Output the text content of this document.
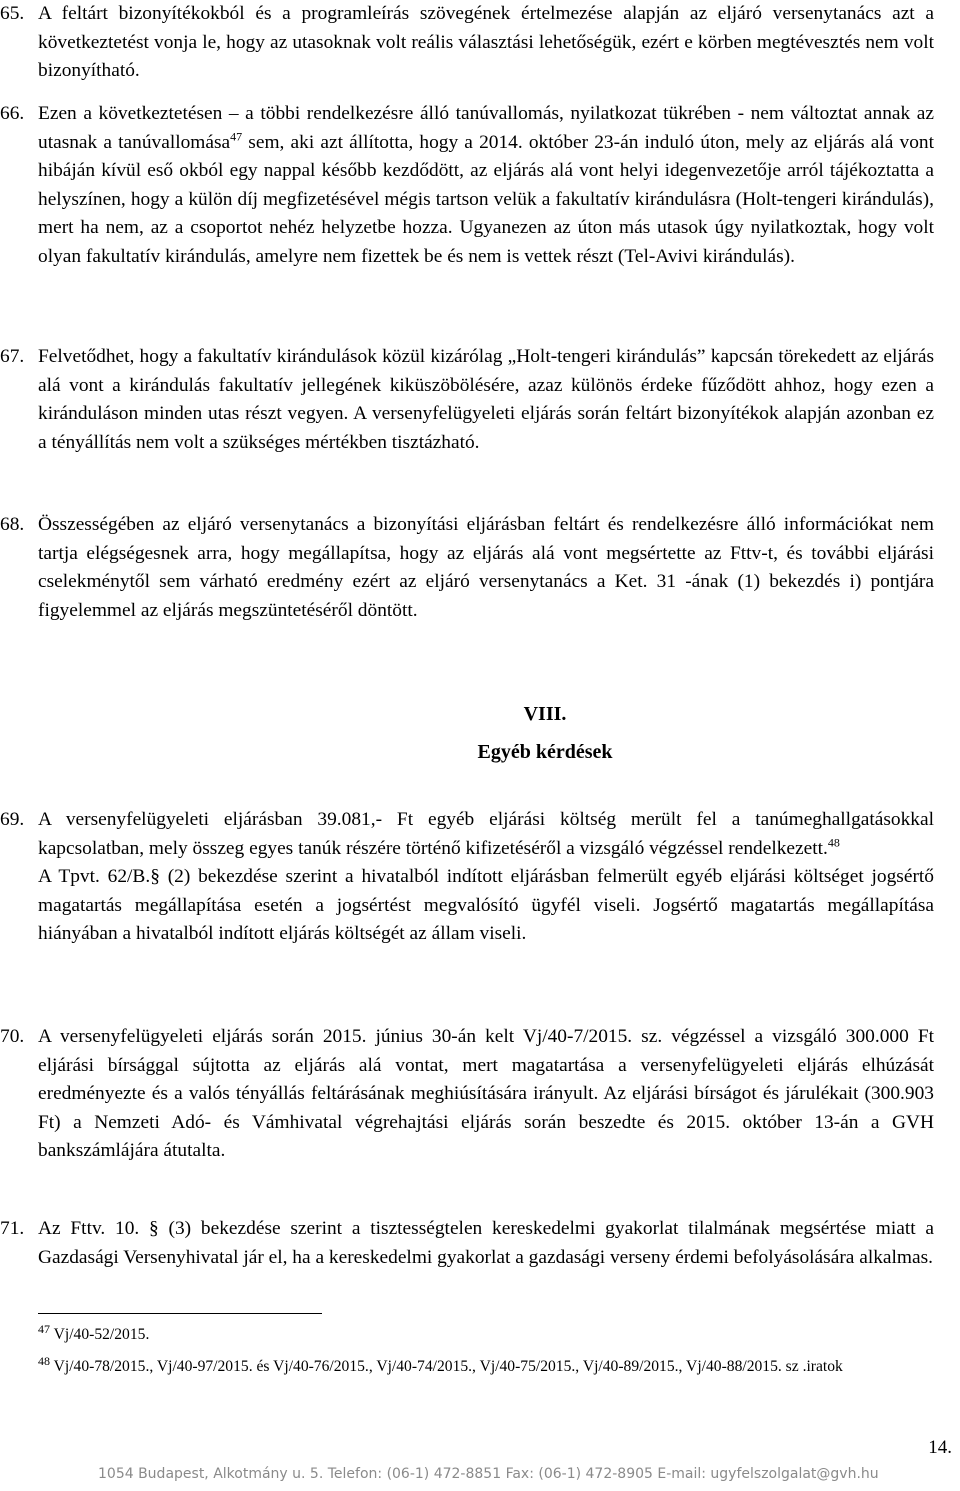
65. A feltárt bizonyítékokból és a programleírás szövegének értelmezése alapján az eljáró versenytanács azt a következtetést vonja le, hogy az utasoknak volt reális választási lehetőségük, ezért e körben megtévesztés nem volt bizonyítható.
66. Ezen a következtetésen – a többi rendelkezésre álló tanúvallomás, nyilatkozat tükrében - nem változtat annak az utasnak a tanúvallomása$^{47}$ sem, aki azt állította, hogy a 2014. október 23-án induló úton, mely az eljárás alá vont hibáján kívül eső okból egy nappal később kezdődött, az eljárás alá vont helyi idegenvezetője arról tájékoztatta a helyszínen, hogy a külön díj megfizetésével mégis tartson velük a fakultatív kirándulásra (Holt-tengeri kirándulás), mert ha nem, az a csoportot nehéz helyzetbe hozza. Ugyanezen az úton más utasok úgy nyilatkoztak, hogy volt olyan fakultatív kirándulás, amelyre nem fizettek be és nem is vettek részt (Tel-Avivi kirándulás).
67. Felvetődhet, hogy a fakultatív kirándulások közül kizárólag „Holt-tengeri kirándulás” kapcsán törekedett az eljárás alá vont a kirándulás fakultatív jellegének kiküszöbölésére, azaz különös érdeke fűződött ahhoz, hogy ezen a kiránduláson minden utas részt vegyen. A versenyfelügyeleti eljárás során feltárt bizonyítékok alapján azonban ez a tényállítás nem volt a szükséges mértékben tisztázható.
68. Összességében az eljáró versenytanács a bizonyítási eljárásban feltárt és rendelkezésre álló információkat nem tartja elégségesnek arra, hogy megállapítsa, hogy az eljárás alá vont megsértette az Fttv-t, és további eljárási cselekménytől sem várható eredmény ezért az eljáró versenytanács a Ket. 31 -ának (1) bekezdés i) pontjára figyelemmel az eljárás megszüntetéséről döntött.
VIII.
Egyéb kérdések
69. A versenyfelügyeleti eljárásban 39.081,- Ft egyéb eljárási költség merült fel a tanúmeghallgatásokkal kapcsolatban, mely összeg egyes tanúk részére történő kifizetéséről a vizsgáló végzéssel rendelkezett.$^{48}$
A Tpvt. 62/B.§ (2) bekezdése szerint a hivatalból indított eljárásban felmerült egyéb eljárási költséget jogsértő magatartás megállapítása esetén a jogsértést megvalósító ügyfél viseli. Jogsértő magatartás megállapítása hiányában a hivatalból indított eljárás költségét az állam viseli.
70. A versenyfelügyeleti eljárás során 2015. június 30-án kelt Vj/40-7/2015. sz. végzéssel a vizsgáló 300.000 Ft eljárási bírsággal sújtotta az eljárás alá vontat, mert magatartása a versenyfelügyeleti eljárás elhúzását eredményezte és a valós tényállás feltárásának meghiúsítására irányult. Az eljárási bírságot és járulékait (300.903 Ft) a Nemzeti Adó- és Vámhivatal végrehajtási eljárás során beszedte és 2015. október 13-án a GVH bankszámlájára átutalta.
71. Az Fttv. 10. § (3) bekezdése szerint a tisztességtelen kereskedelmi gyakorlat tilalmának megsértése miatt a Gazdasági Versenyhivatal jár el, ha a kereskedelmi gyakorlat a gazdasági verseny érdemi befolyásolására alkalmas.
$^{47}$ Vj/40-52/2015.
$^{48}$ Vj/40-78/2015., Vj/40-97/2015. és Vj/40-76/2015., Vj/40-74/2015., Vj/40-75/2015., Vj/40-89/2015., Vj/40-88/2015. sz .iratok
14.
1054 Budapest, Alkotmány u. 5. Telefon: (06-1) 472-8851 Fax: (06-1) 472-8905 E-mail: ugyfelszolgalat@gvh.hu
